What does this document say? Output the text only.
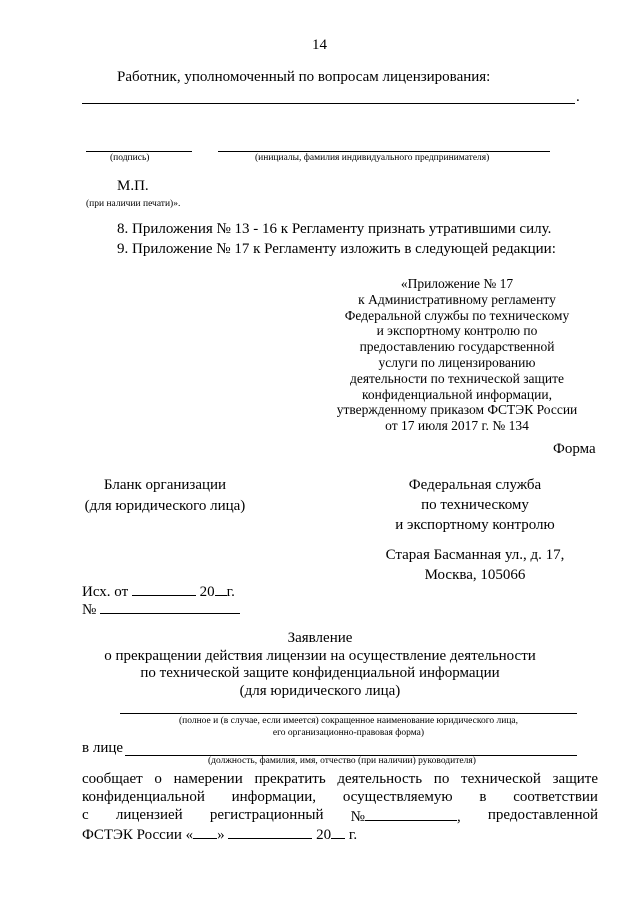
14
Работник, уполномоченный по вопросам лицензирования:
.
(подпись)	(инициалы, фамилия индивидуального предпринимателя)
М.П.
(при наличии печати)».
8. Приложения № 13 - 16 к Регламенту признать утратившими силу.
9. Приложение № 17 к Регламенту изложить в следующей редакции:
«Приложение № 17
к Административному регламенту
Федеральной службы по техническому
и экспортному контролю по
предоставлению государственной
услуги по лицензированию
деятельности по технической защите
конфиденциальной информации,
утвержденному приказом ФСТЭК России
от 17 июля 2017 г. № 134
Форма
Бланк организации
(для юридического лица)
Федеральная служба
по техническому
и экспортному контролю
Старая Басманная ул., д. 17,
Москва, 105066
Исх. от	20 г.
№
Заявление
о прекращении действия лицензии на осуществление деятельности
по технической защите конфиденциальной информации
(для юридического лица)
(полное и (в случае, если имеется) сокращенное наименование юридического лица,
его организационно-правовая форма)
в лице
(должность, фамилия, имя, отчество (при наличии) руководителя)
сообщает о намерении прекратить деятельность по технической защите
конфиденциальной информации, осуществляемую в соответствии
с лицензией регистрационный №	, предоставленной
ФСТЭК России « »	20 г.
